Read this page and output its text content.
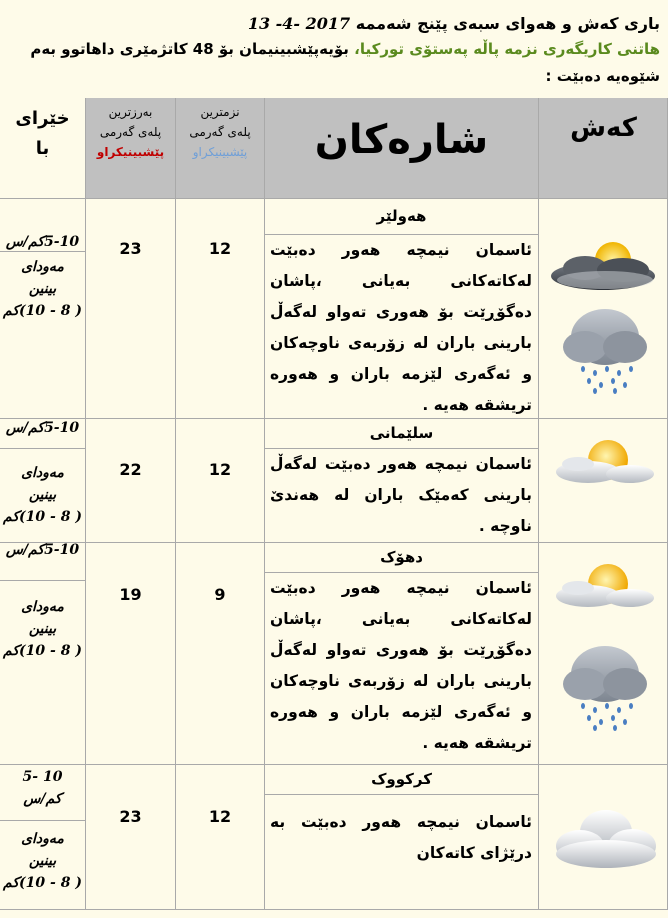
باری کەش و هەوای سبەی پێنج شەممە 13 -4- 2017
هاتنی کاریگەری نزمە پاڵە پەستۆی تورکیا، بۆیەپێشبینیمان بۆ 48 کاتژمێری داهاتوو بەم
شێوەیە دەبێت :
خێرای
با
بەرزترین
پلەی گەرمی
پێشبینیکراو
نزمترین
پلەی گەرمی
پێشبینیکراو	شارەکان	کەش
هەولێر
ئاسمان نیمچە هەور دەبێت لەکاتەکانی بەیانی ،پاشان دەگۆڕێت بۆ هەوری تەواو لەگەڵ بارینی باران لە زۆربەی ناوچەکان و ئەگەری لێزمە باران و هەورە تریشقە هەیە .
12
23
5-10کم/س
مەودای
بینین
( 8 - 10)کم
سلێمانی
ئاسمان نیمچە هەور دەبێت لەگەڵ بارینی کەمێک باران لە هەندێ ناوچە .
12
22
5-10کم/س
مەودای
بینین
( 8 - 10)کم
دهۆک
ئاسمان نیمچە هەور دەبێت لەکاتەکانی بەیانی ،پاشان دەگۆڕێت بۆ هەوری تەواو لەگەڵ بارینی باران لە زۆربەی ناوچەکان و ئەگەری لێزمە باران و هەورە تریشقە هەیە .
9
19
5-10کم/س
مەودای
بینین
( 8 - 10)کم
کرکووک
ئاسمان نیمچە هەور دەبێت بە درێژای کاتەکان
12
23
5- 10
کم/س
مەودای
بینین
( 8 - 10)کم
